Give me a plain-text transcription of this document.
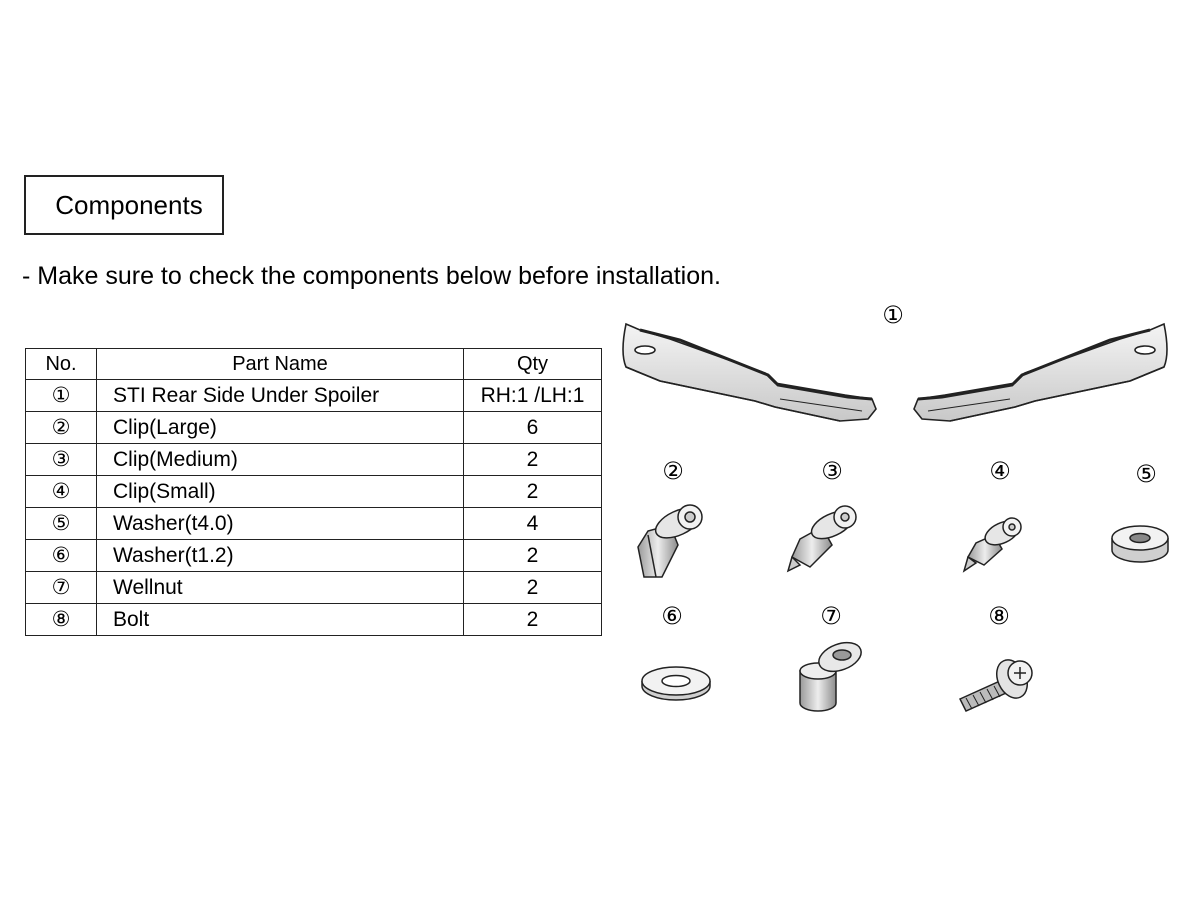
Components
- Make sure to check the components below before installation.
No.	Part Name	Qty
①	STI Rear Side Under Spoiler	RH:1 /LH:1
②	Clip(Large)	6
③	Clip(Medium)	2
④	Clip(Small)	2
⑤	Washer(t4.0)	4
⑥	Washer(t1.2)	2
⑦	Wellnut	2
⑧	Bolt	2
①
②	③	④	⑤
⑥	⑦	⑧
